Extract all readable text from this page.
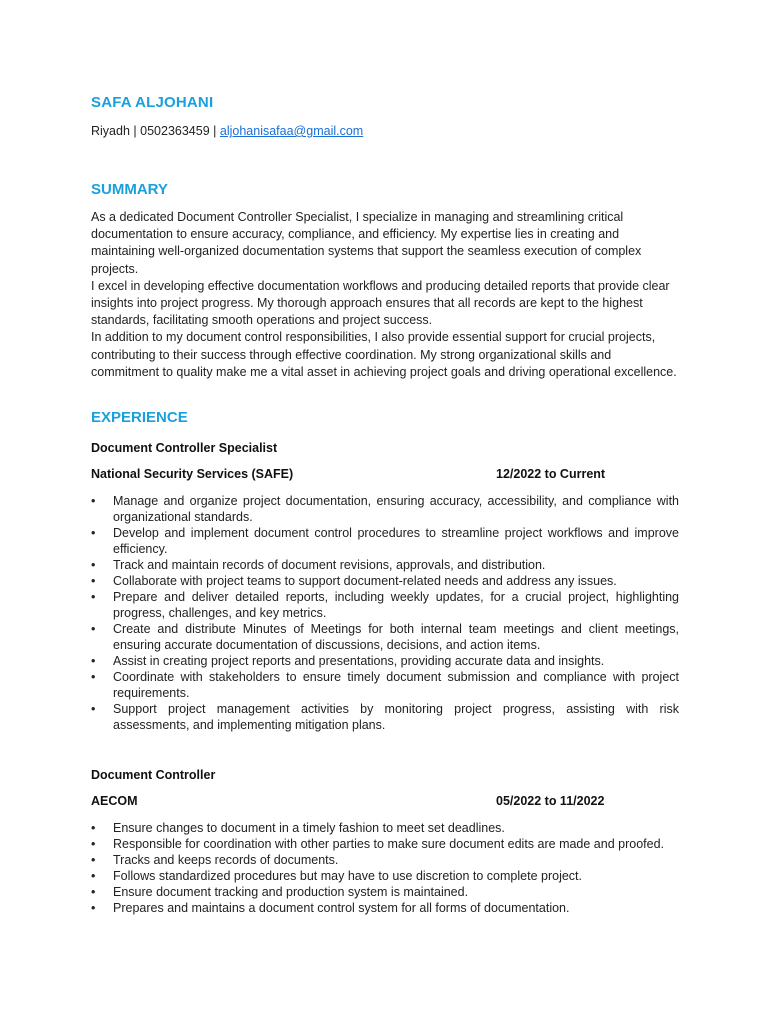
SAFA ALJOHANI
Riyadh | 0502363459 | aljohanisafaa@gmail.com
SUMMARY

As a dedicated Document Controller Specialist, I specialize in managing and streamlining critical documentation to ensure accuracy, compliance, and efficiency. My expertise lies in creating and maintaining well-organized documentation systems that support the seamless execution of complex projects.

I excel in developing effective documentation workflows and producing detailed reports that provide clear insights into project progress. My thorough approach ensures that all records are kept to the highest standards, facilitating smooth operations and project success.

In addition to my document control responsibilities, I also provide essential support for crucial projects, contributing to their success through effective coordination. My strong organizational skills and commitment to quality make me a vital asset in achieving project goals and driving operational excellence.

EXPERIENCE
Document Controller Specialist
National Security Services (SAFE)	12/2022 to Current
• Manage and organize project documentation, ensuring accuracy, accessibility, and compliance with organizational standards.
• Develop and implement document control procedures to streamline project workflows and improve efficiency.
• Track and maintain records of document revisions, approvals, and distribution.
• Collaborate with project teams to support document-related needs and address any issues.
• Prepare and deliver detailed reports, including weekly updates, for a crucial project, highlighting progress, challenges, and key metrics.
• Create and distribute Minutes of Meetings for both internal team meetings and client meetings, ensuring accurate documentation of discussions, decisions, and action items.
• Assist in creating project reports and presentations, providing accurate data and insights.
• Coordinate with stakeholders to ensure timely document submission and compliance with project requirements.
• Support project management activities by monitoring project progress, assisting with risk assessments, and implementing mitigation plans.
Document Controller
AECOM	05/2022 to 11/2022
• Ensure changes to document in a timely fashion to meet set deadlines.
• Responsible for coordination with other parties to make sure document edits are made and proofed.
• Tracks and keeps records of documents.
• Follows standardized procedures but may have to use discretion to complete project.
• Ensure document tracking and production system is maintained.
• Prepares and maintains a document control system for all forms of documentation.
